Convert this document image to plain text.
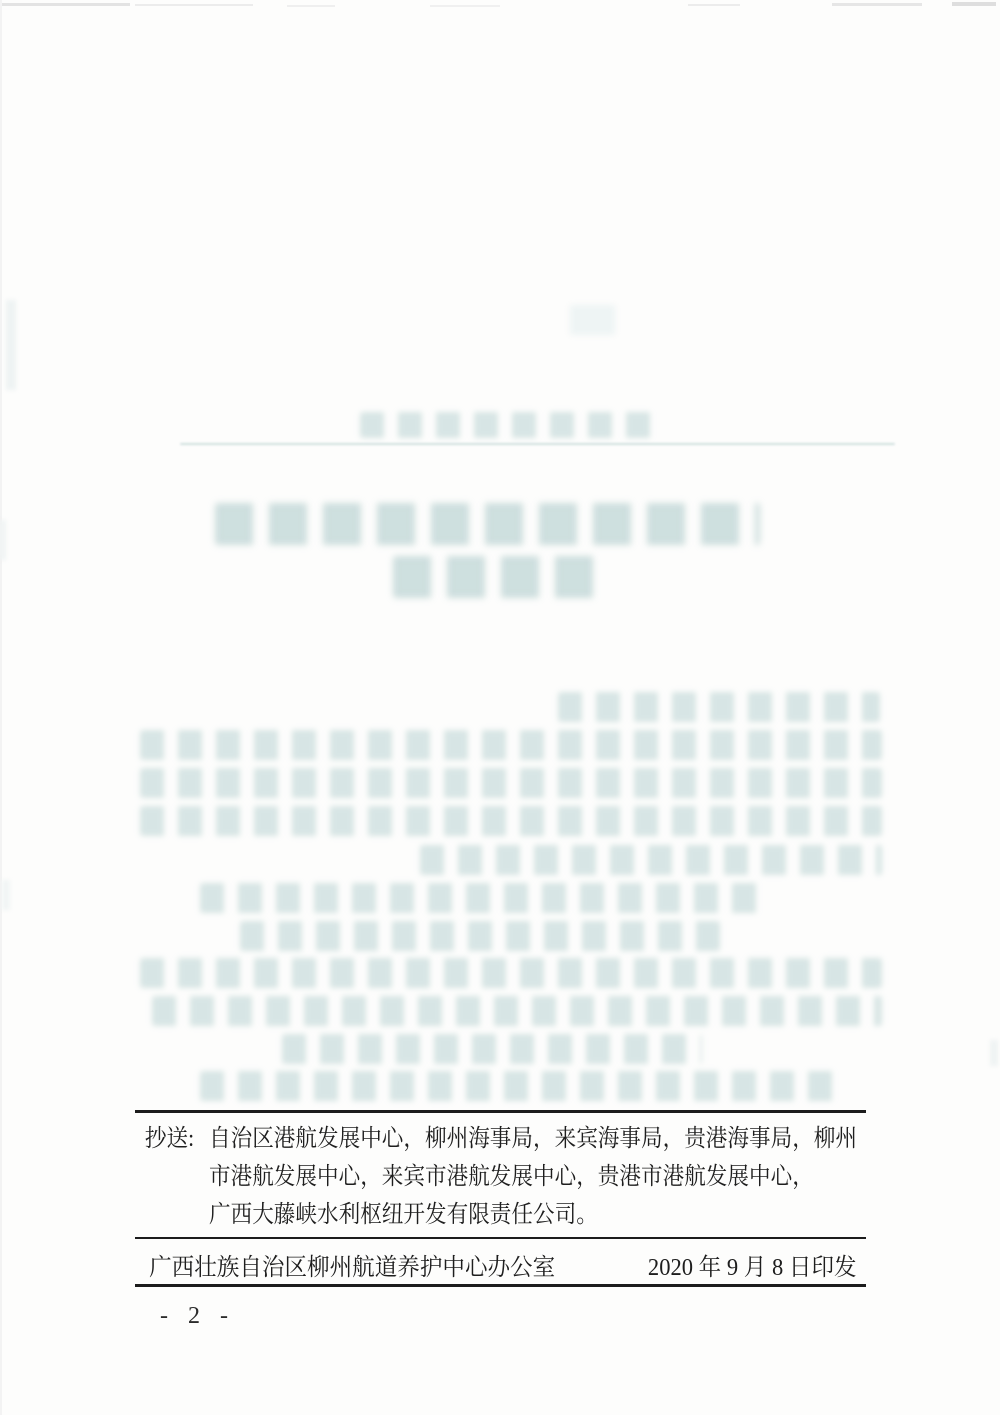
抄送: 自治区港航发展中心，柳州海事局，来宾海事局，贵港海事局，柳州
市港航发展中心，来宾市港航发展中心，贵港市港航发展中心，
广西大藤峡水利枢纽开发有限责任公司。
广西壮族自治区柳州航道养护中心办公室	2020 年 9 月 8 日印发
- 2 -
